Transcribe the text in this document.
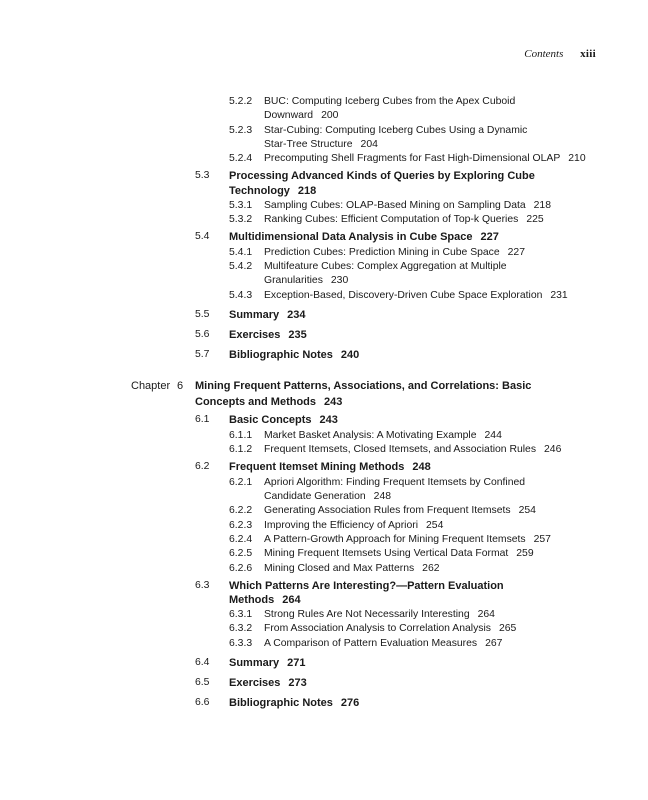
Contents xiii
5.2.2 BUC: Computing Iceberg Cubes from the Apex Cuboid
Downward 200
5.2.3 Star-Cubing: Computing Iceberg Cubes Using a Dynamic
Star-Tree Structure 204
5.2.4 Precomputing Shell Fragments for Fast High-Dimensional OLAP 210
5.3 Processing Advanced Kinds of Queries by Exploring Cube
Technology 218
5.3.1 Sampling Cubes: OLAP-Based Mining on Sampling Data 218
5.3.2 Ranking Cubes: Efficient Computation of Top-k Queries 225
5.4 Multidimensional Data Analysis in Cube Space 227
5.4.1 Prediction Cubes: Prediction Mining in Cube Space 227
5.4.2 Multifeature Cubes: Complex Aggregation at Multiple
Granularities 230
5.4.3 Exception-Based, Discovery-Driven Cube Space Exploration 231
5.5 Summary 234
5.6 Exercises 235
5.7 Bibliographic Notes 240
Chapter 6 Mining Frequent Patterns, Associations, and Correlations: Basic
Concepts and Methods 243
6.1 Basic Concepts 243
6.1.1 Market Basket Analysis: A Motivating Example 244
6.1.2 Frequent Itemsets, Closed Itemsets, and Association Rules 246
6.2 Frequent Itemset Mining Methods 248
6.2.1 Apriori Algorithm: Finding Frequent Itemsets by Confined
Candidate Generation 248
6.2.2 Generating Association Rules from Frequent Itemsets 254
6.2.3 Improving the Efficiency of Apriori 254
6.2.4 A Pattern-Growth Approach for Mining Frequent Itemsets 257
6.2.5 Mining Frequent Itemsets Using Vertical Data Format 259
6.2.6 Mining Closed and Max Patterns 262
6.3 Which Patterns Are Interesting?—Pattern Evaluation
Methods 264
6.3.1 Strong Rules Are Not Necessarily Interesting 264
6.3.2 From Association Analysis to Correlation Analysis 265
6.3.3 A Comparison of Pattern Evaluation Measures 267
6.4 Summary 271
6.5 Exercises 273
6.6 Bibliographic Notes 276
